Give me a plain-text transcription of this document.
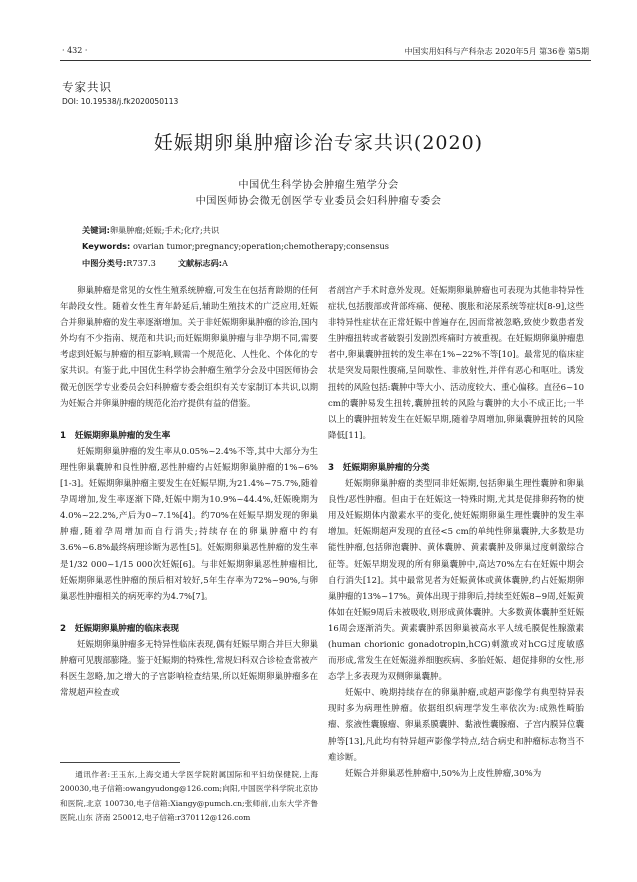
· 432 ·	中国实用妇科与产科杂志 2020年5月 第36卷 第5期
专家共识
DOI: 10.19538/j.fk2020050113
妊娠期卵巢肿瘤诊治专家共识(2020)
中国优生科学协会肿瘤生殖学分会
中国医师协会微无创医学专业委员会妇科肿瘤专委会
关键词:卵巢肿瘤;妊娠;手术;化疗;共识
Keywords: ovarian tumor;pregnancy;operation;chemotherapy;consensus
中图分类号:R737.3	文献标志码:A

卵巢肿瘤是常见的女性生殖系统肿瘤,可发生在包括育龄期的任何年龄段女性。随着女性生育年龄延后,辅助生殖技术的广泛应用,妊娠合并卵巢肿瘤的发生率逐渐增加。关于非妊娠期卵巢肿瘤的诊治,国内外均有不少指南、规范和共识;而妊娠期卵巢肿瘤与非孕期不同,需要考虑到妊娠与肿瘤的相互影响,顾需一个规范化、人性化、个体化的专家共识。有鉴于此,中国优生科学协会肿瘤生殖学分会及中国医师协会微无创医学专业委员会妇科肿瘤专委会组织有关专家制订本共识,以期为妊娠合并卵巢肿瘤的规范化治疗提供有益的借鉴。

1　妊娠期卵巢肿瘤的发生率

妊娠期卵巢肿瘤的发生率从0.05%~2.4%不等,其中大部分为生理性卵巢囊肿和良性肿瘤,恶性肿瘤约占妊娠期卵巢肿瘤的1%~6%[1-3]。妊娠期卵巢肿瘤主要发生在妊娠早期,为21.4%~75.7%,随着孕周增加,发生率逐渐下降,妊娠中期为10.9%~44.4%,妊娠晚期为4.0%~22.2%,产后为0~7.1%[4]。约70%在妊娠早期发现的卵巢肿瘤,随着孕周增加而自行消失;持续存在的卵巢肿瘤中约有3.6%~6.8%最终病理诊断为恶性[5]。妊娠期卵巢恶性肿瘤的发生率是1/32 000~1/15 000次妊娠[6]。与非妊娠期卵巢恶性肿瘤相比,妊娠期卵巢恶性肿瘤的预后相对较好,5年生存率为72%~90%,与卵巢恶性肿瘤相关的病死率约为4.7%[7]。

2　妊娠期卵巢肿瘤的临床表现

妊娠期卵巢肿瘤多无特异性临床表现,偶有妊娠早期合并巨大卵巢肿瘤可见腹部膨隆。鉴于妊娠期的特殊性,常规妇科双合诊检查常被产科医生忽略,加之增大的子宫影响检查结果,所以妊娠期卵巢肿瘤多在常规超声检查或

者剖宫产手术时意外发现。妊娠期卵巢肿瘤也可表现为其他非特异性症状,包括腹部或背部疼痛、便秘、腹胀和泌尿系统等症状[8-9],这些非特异性症状在正常妊娠中普遍存在,因而常被忽略,致使少数患者发生肿瘤扭转或者破裂引发剧烈疼痛时方被重视。在妊娠期卵巢肿瘤患者中,卵巢囊肿扭转的发生率在1%~22%不等[10]。最常见的临床症状是突发局限性腹痛,呈间歇性、非放射性,并伴有恶心和呕吐。诱发扭转的风险包括:囊肿中等大小、活动度较大、重心偏移。直径6~10 cm的囊肿易发生扭转,囊肿扭转的风险与囊肿的大小不成正比;一半以上的囊肿扭转发生在妊娠早期,随着孕周增加,卵巢囊肿扭转的风险降低[11]。

3　妊娠期卵巢肿瘤的分类

妊娠期卵巢肿瘤的类型同非妊娠期,包括卵巢生理性囊肿和卵巢良性/恶性肿瘤。但由于在妊娠这一特殊时期,尤其是促排卵药物的使用及妊娠期体内激素水平的变化,使妊娠期卵巢生理性囊肿的发生率增加。妊娠期超声发现的直径<5 cm的单纯性卵巢囊肿,大多数是功能性肿瘤,包括卵泡囊肿、黄体囊肿、黄素囊肿及卵巢过度刺激综合征等。妊娠早期发现的所有卵巢囊肿中,高达70%左右在妊娠中期会自行消失[12]。其中最常见者为妊娠黄体或黄体囊肿,约占妊娠期卵巢肿瘤的13%~17%。黄体出现于排卵后,持续至妊娠8~9周,妊娠黄体如在妊娠9周后未被吸收,则形成黄体囊肿。大多数黄体囊肿至妊娠16周会逐渐消失。黄素囊肿系因卵巢被高水平人绒毛膜促性腺激素(human chorionic gonadotropin,hCG)刺激或对hCG过度敏感而形成,常发生在妊娠滋养细胞疾病、多胎妊娠、超促排卵的女性,形态学上多表现为双侧卵巢囊肿。

妊娠中、晚期持续存在的卵巢肿瘤,或超声影像学有典型特异表现时多为病理性肿瘤。依据组织病理学发生率依次为:成熟性畸胎瘤、浆液性囊腺瘤、卵巢系膜囊肿、黏液性囊腺瘤、子宫内膜异位囊肿等[13],凡此均有特异超声影像学特点,结合病史和肿瘤标志物当不难诊断。

妊娠合并卵巢恶性肿瘤中,50%为上皮性肿瘤,30%为

通讯作者:王玉东,上海交通大学医学院附属国际和平妇幼保健院,上海 200030,电子信箱:owangyudong@126.com;向阳,中国医学科学院北京协和医院,北京 100730,电子信箱:Xiangy@pumch.cn;张师前,山东大学齐鲁医院,山东 济南 250012,电子信箱:r370112@126.com
